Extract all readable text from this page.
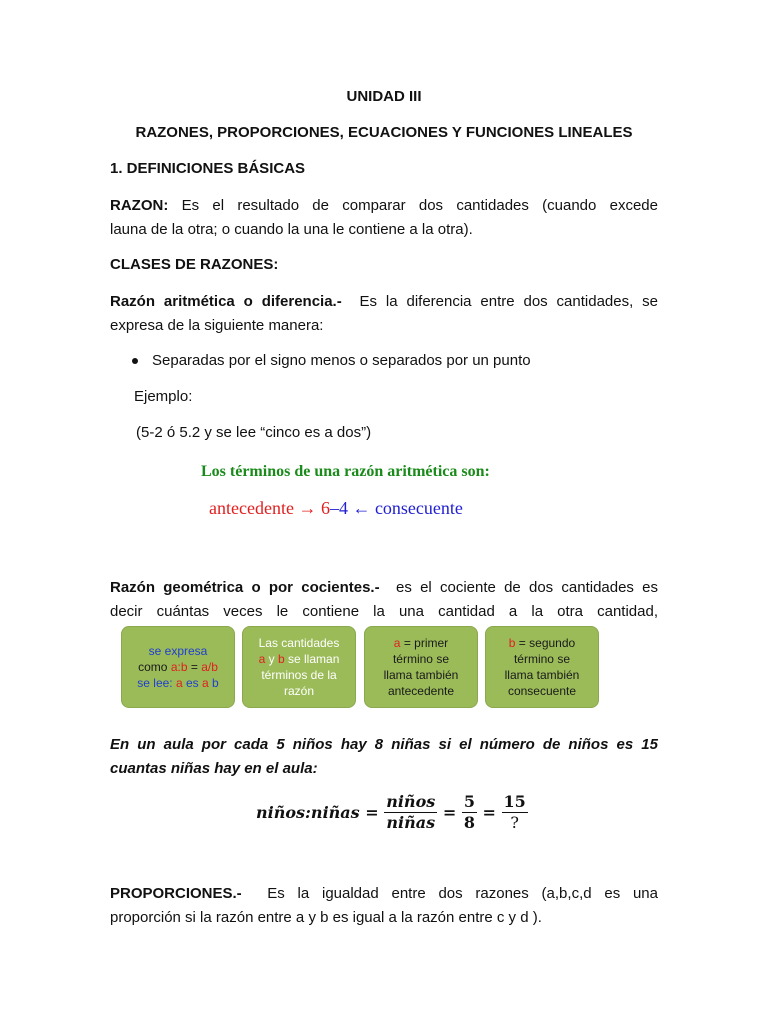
UNIDAD III
RAZONES, PROPORCIONES, ECUACIONES Y FUNCIONES LINEALES
1. DEFINICIONES BÁSICAS
RAZON: Es el resultado de comparar dos cantidades (cuando excede
launa de la otra; o cuando la una le contiene a la otra).
CLASES DE RAZONES:
Razón aritmética o diferencia.- Es la diferencia entre dos cantidades, se
expresa de la siguiente manera:
Separadas por el signo menos o separados por un punto
Ejemplo:
(5-2 ó 5.2 y se lee “cinco es a dos”)
Los términos de una razón aritmética son:
antecedente → 6–4 ← consecuente
Razón geométrica o por cocientes.- es el cociente de dos cantidades es
decir cuántas veces le contiene la una cantidad a la otra cantidad,
se expresa
como a:b = a/b
se lee: a es a b
Las cantidades
a y b se llaman
términos de la
razón
a = primer
término se
llama también
antecedente
b = segundo
término se
llama también
consecuente
En un aula por cada 5 niños hay 8 niñas si el número de niños es 15
cuantas niñas hay en el aula:
niños:niñas = $\frac{\text{niños}}{\text{niñas}} = \frac{5}{8} = \frac{15}{?}$
PROPORCIONES.- Es la igualdad entre dos razones (a,b,c,d es una
proporción si la razón entre a y b es igual a la razón entre c y d ).
